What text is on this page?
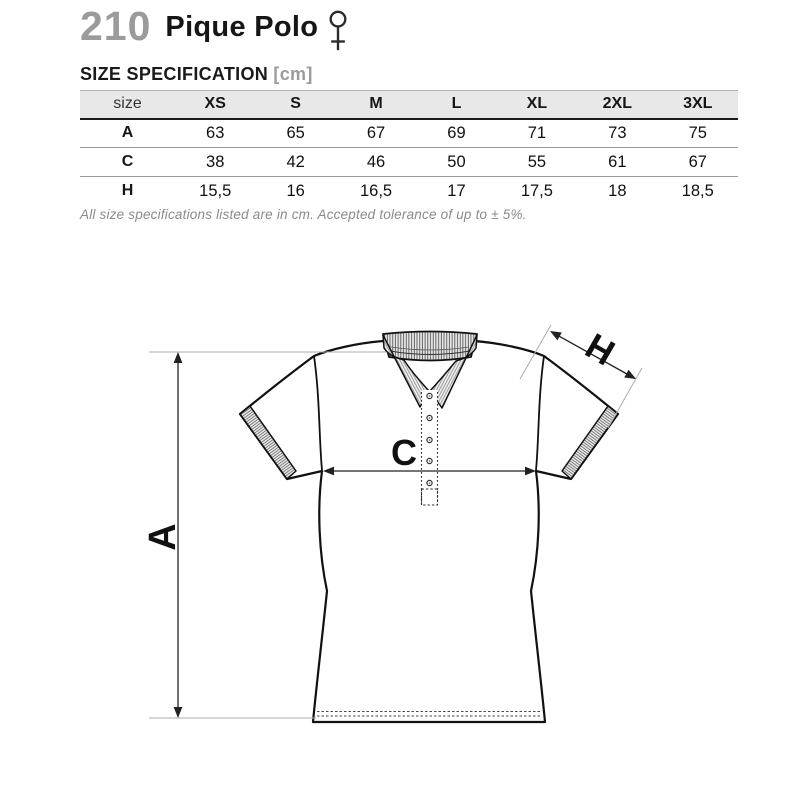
210 Pique Polo
SIZE SPECIFICATION [cm]
size	XS	S	M	L	XL	2XL	3XL
A	63	65	67	69	71	73	75
C	38	42	46	50	55	61	67
H	15,5	16	16,5	17	17,5	18	18,5
All size specifications listed are in cm. Accepted tolerance of up to ± 5%.
A
C
H
